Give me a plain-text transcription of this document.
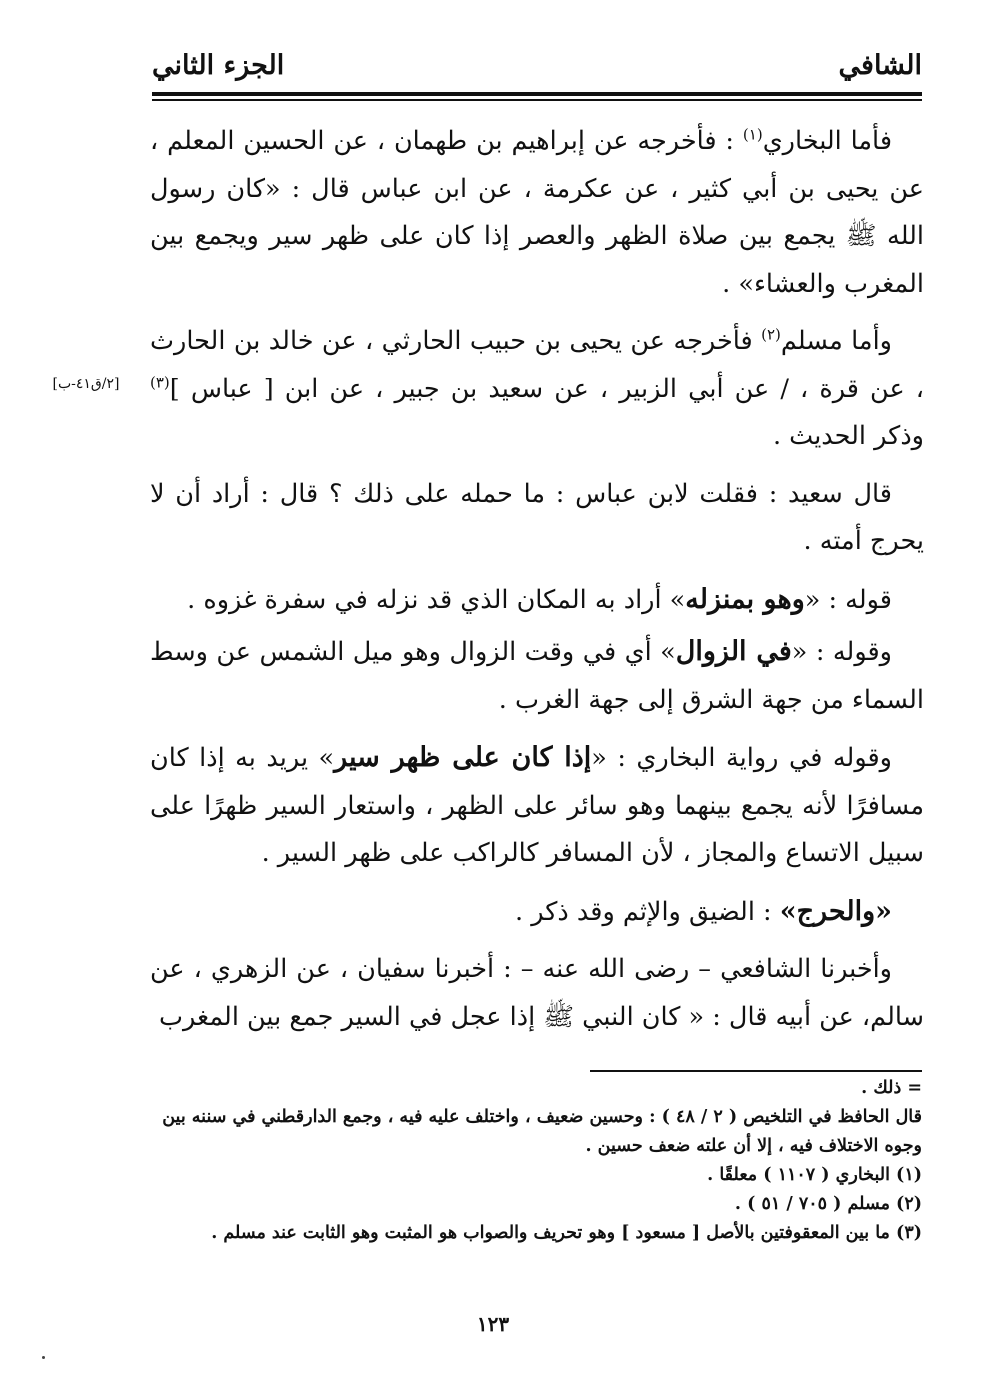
الشافي
الجزء الثاني
[٢/ق٤١-ب]

فأما البخاري$^{(١)}$ : فأخرجه عن إبراهيم بن طهمان ، عن الحسين المعلم ، عن يحيى بن أبي كثير ، عن عكرمة ، عن ابن عباس قال : «كان رسول الله ﷺ يجمع بين صلاة الظهر والعصر إذا كان على ظهر سير ويجمع بين المغرب والعشاء» .

وأما مسلم$^{(٢)}$ فأخرجه عن يحيى بن حبيب الحارثي ، عن خالد بن الحارث ، عن قرة ، / عن أبي الزبير ، عن سعيد بن جبير ، عن ابن [ عباس ]$^{(٣)}$ وذكر الحديث .

قال سعيد : فقلت لابن عباس : ما حمله على ذلك ؟ قال : أراد أن لا يحرج أمته .

قوله : «وهو بمنزله» أراد به المكان الذي قد نزله في سفرة غزوه .

وقوله : «في الزوال» أي في وقت الزوال وهو ميل الشمس عن وسط السماء من جهة الشرق إلى جهة الغرب .

وقوله في رواية البخاري : «إذا كان على ظهر سير» يريد به إذا كان مسافرًا لأنه يجمع بينهما وهو سائر على الظهر ، واستعار السير ظهرًا على سبيل الاتساع والمجاز ، لأن المسافر كالراكب على ظهر السير .

«والحرج» : الضيق والإثم وقد ذكر .

وأخبرنا الشافعي – رضى الله عنه – : أخبرنا سفيان ، عن الزهري ، عن سالم، عن أبيه قال : « كان النبي ﷺ إذا عجل في السير جمع بين المغرب

= ذلك .

قال الحافظ في التلخيص ( ٢ / ٤٨ ) : وحسين ضعيف ، واختلف عليه فيه ، وجمع الدارقطني في سننه بين وجوه الاختلاف فيه ، إلا أن علته ضعف حسين .

(١) البخاري ( ١١٠٧ ) معلقًا .

(٢) مسلم ( ٧٠٥ / ٥١ ) .

(٣) ما بين المعقوفتين بالأصل [ مسعود ] وهو تحريف والصواب هو المثبت وهو الثابت عند مسلم .

١٢٣
